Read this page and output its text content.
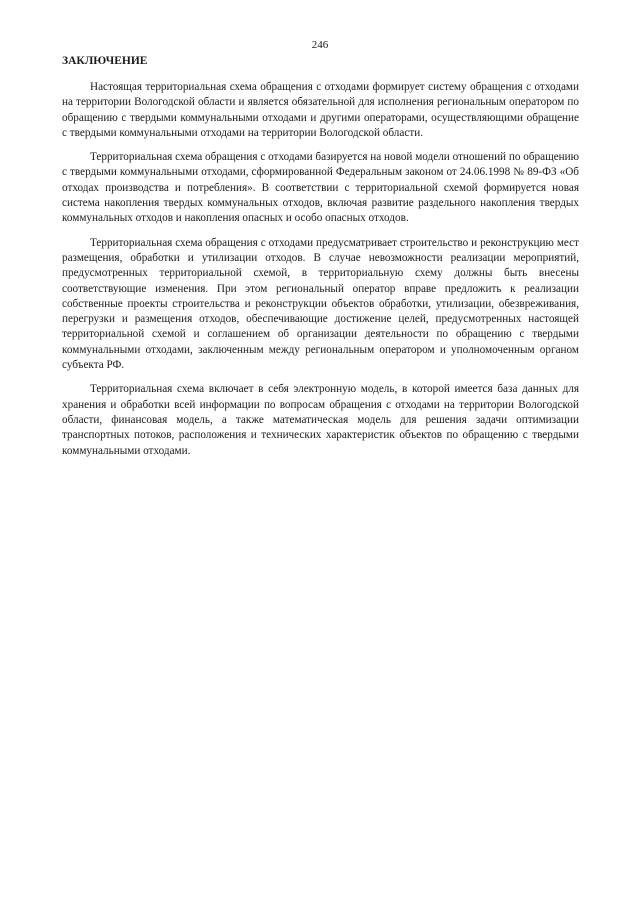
246
ЗАКЛЮЧЕНИЕ

Настоящая территориальная схема обращения с отходами формирует систему обращения с отходами на территории Вологодской области и является обязательной для исполнения региональным оператором по обращению с твердыми коммунальными отходами и другими операторами, осуществляющими обращение с твердыми коммунальными отходами на территории Вологодской области.

Территориальная схема обращения с отходами базируется на новой модели отношений по обращению с твердыми коммунальными отходами, сформированной Федеральным законом от 24.06.1998 № 89-ФЗ «Об отходах производства и потребления». В соответствии с территориальной схемой формируется новая система накопления твердых коммунальных отходов, включая развитие раздельного накопления твердых коммунальных отходов и накопления опасных и особо опасных отходов.

Территориальная схема обращения с отходами предусматривает строительство и реконструкцию мест размещения, обработки и утилизации отходов. В случае невозможности реализации мероприятий, предусмотренных территориальной схемой, в территориальную схему должны быть внесены соответствующие изменения. При этом региональный оператор вправе предложить к реализации собственные проекты строительства и реконструкции объектов обработки, утилизации, обезвреживания, перегрузки и размещения отходов, обеспечивающие достижение целей, предусмотренных настоящей территориальной схемой и соглашением об организации деятельности по обращению с твердыми коммунальными отходами, заключенным между региональным оператором и уполномоченным органом субъекта РФ.

Территориальная схема включает в себя электронную модель, в которой имеется база данных для хранения и обработки всей информации по вопросам обращения с отходами на территории Вологодской области, финансовая модель, а также математическая модель для решения задачи оптимизации транспортных потоков, расположения и технических характеристик объектов по обращению с твердыми коммунальными отходами.
